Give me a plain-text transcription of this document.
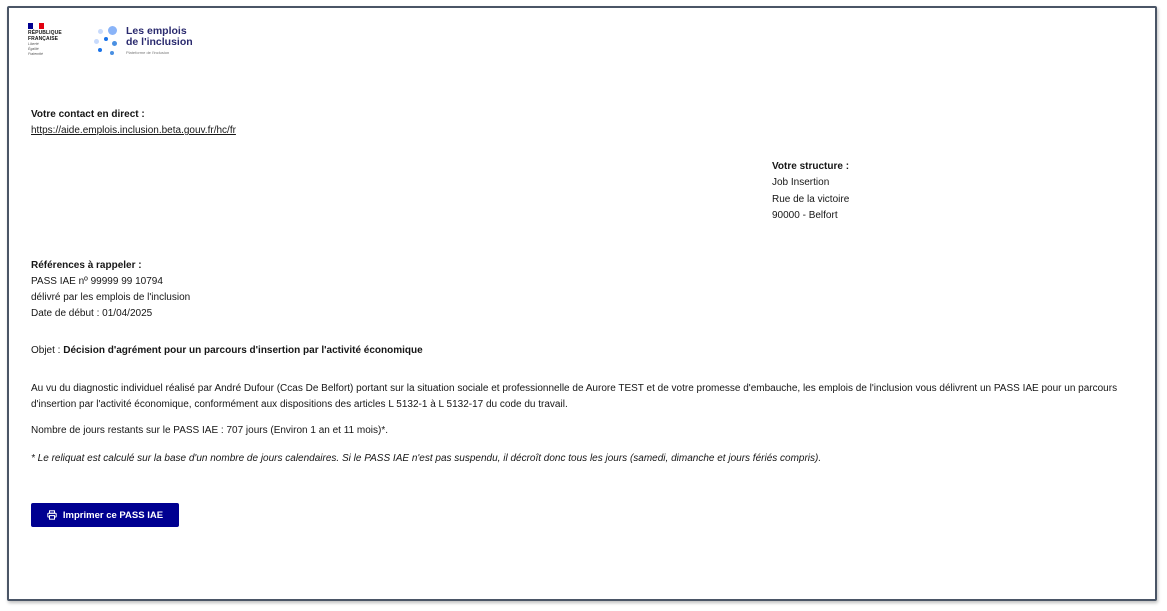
RÉPUBLIQUE
FRANÇAISE
Liberté
Égalité
Fraternité
Les emplois
de l'inclusion
Plateforme de l'inclusion
Votre contact en direct :
https://aide.emplois.inclusion.beta.gouv.fr/hc/fr
Votre structure :
Job Insertion
Rue de la victoire
90000 - Belfort
Références à rappeler :
PASS IAE nº 99999 99 10794
délivré par les emplois de l'inclusion
Date de début : 01/04/2025
Objet : Décision d'agrément pour un parcours d'insertion par l'activité économique
Au vu du diagnostic individuel réalisé par André Dufour (Ccas De Belfort) portant sur la situation sociale et professionnelle de Aurore TEST et de votre promesse d'embauche, les emplois de l'inclusion vous délivrent un PASS IAE pour un parcours d'insertion par l'activité économique, conformément aux dispositions des articles L 5132-1 à L 5132-17 du code du travail.
Nombre de jours restants sur le PASS IAE : 707 jours (Environ 1 an et 11 mois)*.
* Le reliquat est calculé sur la base d'un nombre de jours calendaires. Si le PASS IAE n'est pas suspendu, il décroît donc tous les jours (samedi, dimanche et jours fériés compris).
Imprimer ce PASS IAE
